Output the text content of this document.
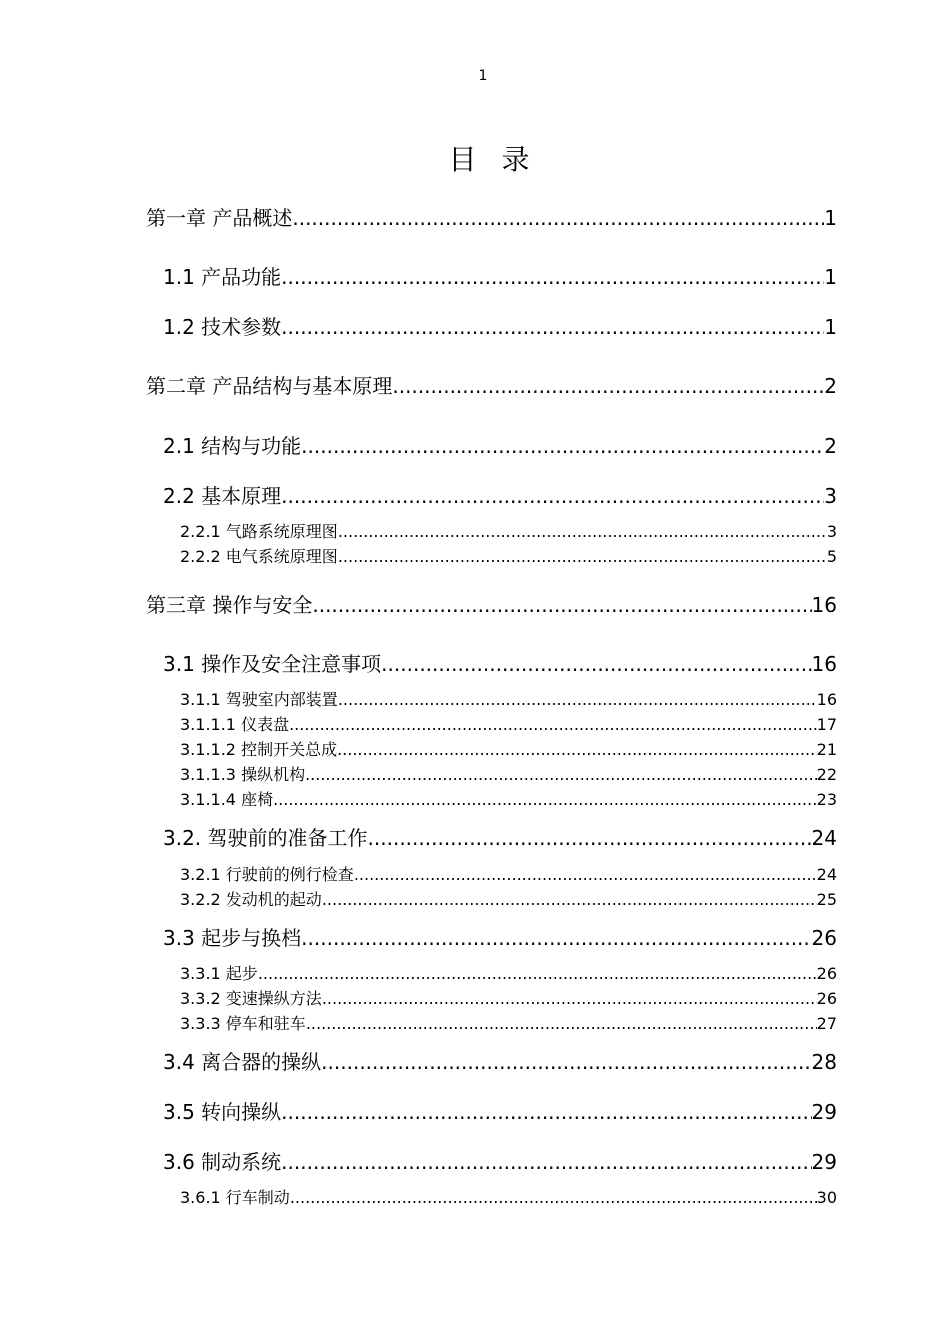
1
目 录
第一章 产品概述 .....	1
1.1 产品功能 .....	1
1.2 技术参数 .....	1
第二章 产品结构与基本原理 .....	2
2.1 结构与功能 .....	2
2.2 基本原理 .....	3
2.2.1 气路系统原理图 .....	3
2.2.2 电气系统原理图 .....	5
第三章 操作与安全 .....	16
3.1 操作及安全注意事项 .....	16
3.1.1 驾驶室内部装置 .....	16
3.1.1.1 仪表盘 .....	17
3.1.1.2 控制开关总成 .....	21
3.1.1.3 操纵机构 .....	22
3.1.1.4 座椅 .....	23
3.2. 驾驶前的准备工作 .....	24
3.2.1 行驶前的例行检查 .....	24
3.2.2 发动机的起动 .....	25
3.3 起步与换档 .....	26
3.3.1 起步 .....	26
3.3.2 变速操纵方法 .....	26
3.3.3 停车和驻车 .....	27
3.4 离合器的操纵 .....	28
3.5 转向操纵 .....	29
3.6 制动系统 .....	29
3.6.1 行车制动 .....	30
